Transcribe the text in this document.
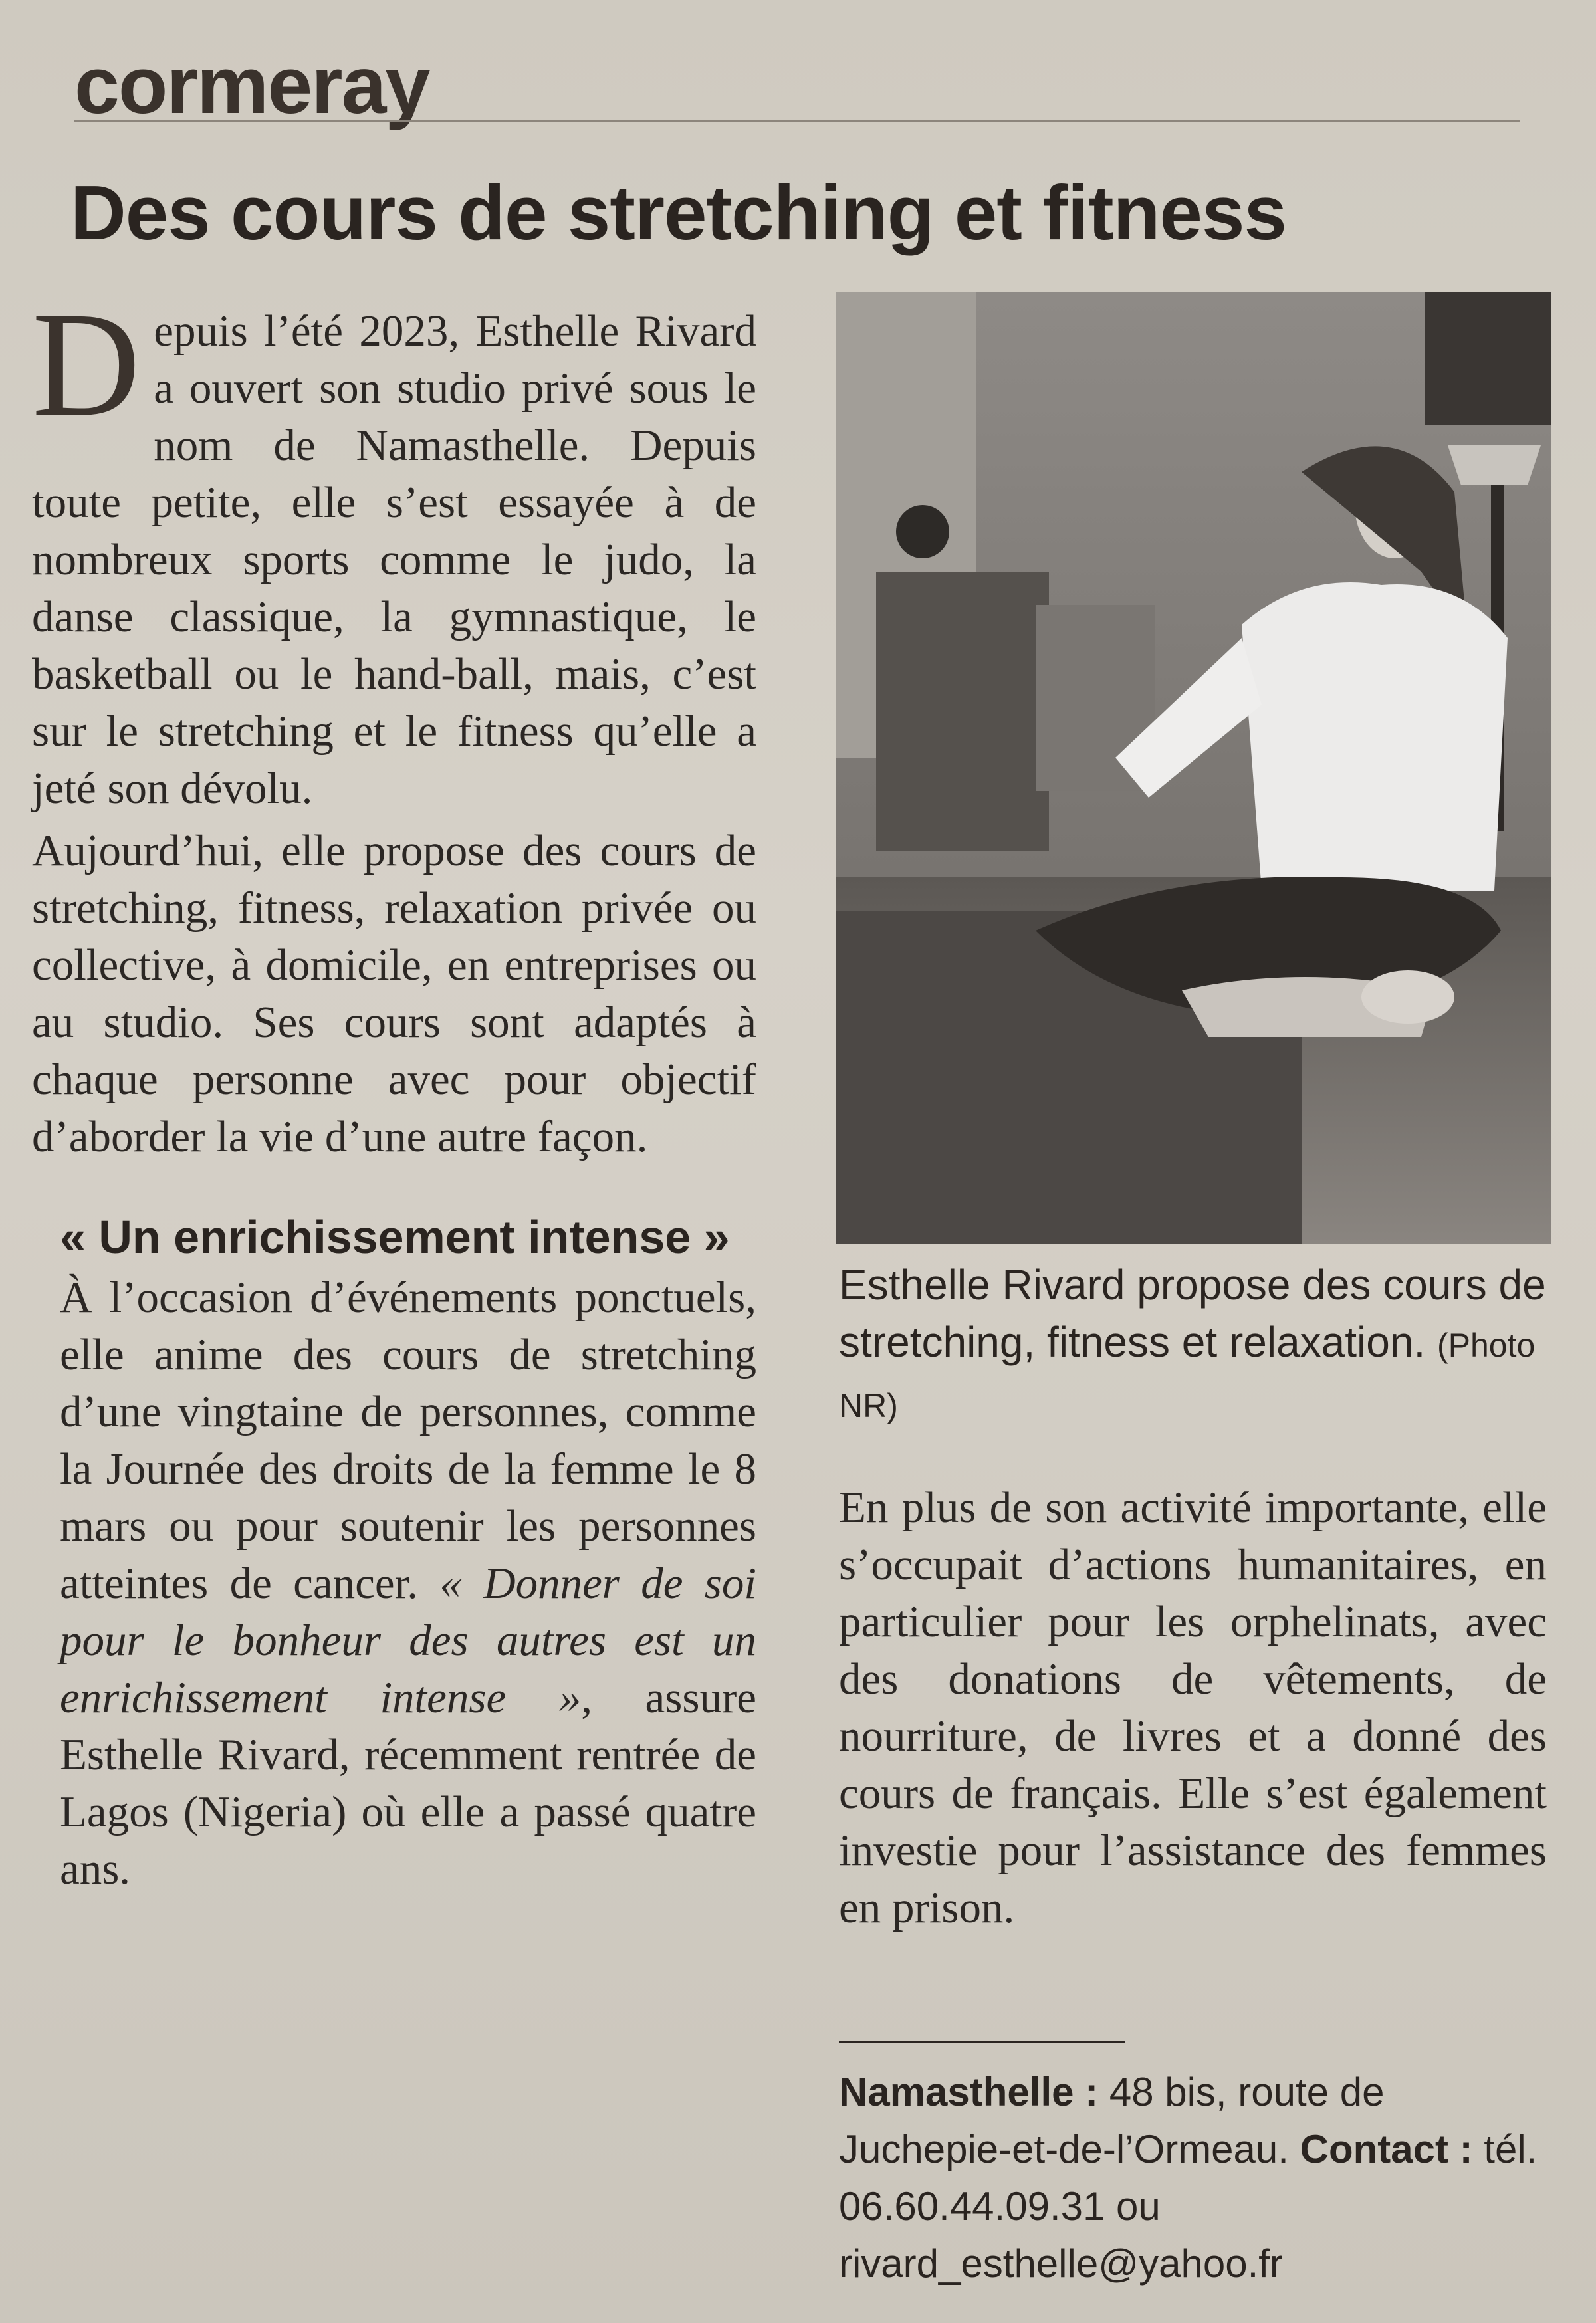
cormeray
Des cours de stretching et fitness

Depuis l’été 2023, Esthelle Rivard a ouvert son studio privé sous le nom de Namasthelle. Depuis toute petite, elle s’est essayée à de nombreux sports comme le judo, la danse classique, la gymnastique, le basketball ou le hand-ball, mais, c’est sur le stretching et le fitness qu’elle a jeté son dévolu.

Aujourd’hui, elle propose des cours de stretching, fitness, relaxation privée ou collective, à domicile, en entreprises ou au studio. Ses cours sont adaptés à chaque personne avec pour objectif d’aborder la vie d’une autre façon.

« Un enrichissement intense »

À l’occasion d’événements ponctuels, elle anime des cours de stretching d’une vingtaine de personnes, comme la Journée des droits de la femme le 8 mars ou pour soutenir les personnes atteintes de cancer. « Donner de soi pour le bonheur des autres est un enrichissement intense », assure Esthelle Rivard, récemment rentrée de Lagos (Nigeria) où elle a passé quatre ans.

Esthelle Rivard propose des cours de stretching, fitness et relaxation. (Photo NR)

En plus de son activité importante, elle s’occupait d’actions humanitaires, en particulier pour les orphelinats, avec des donations de vêtements, de nourriture, de livres et a donné des cours de français. Elle s’est également investie pour l’assistance des femmes en prison.

Namasthelle : 48 bis, route de Juchepie-et-de-l’Ormeau. Contact : tél. 06.60.44.09.31 ou rivard_esthelle@yahoo.fr
